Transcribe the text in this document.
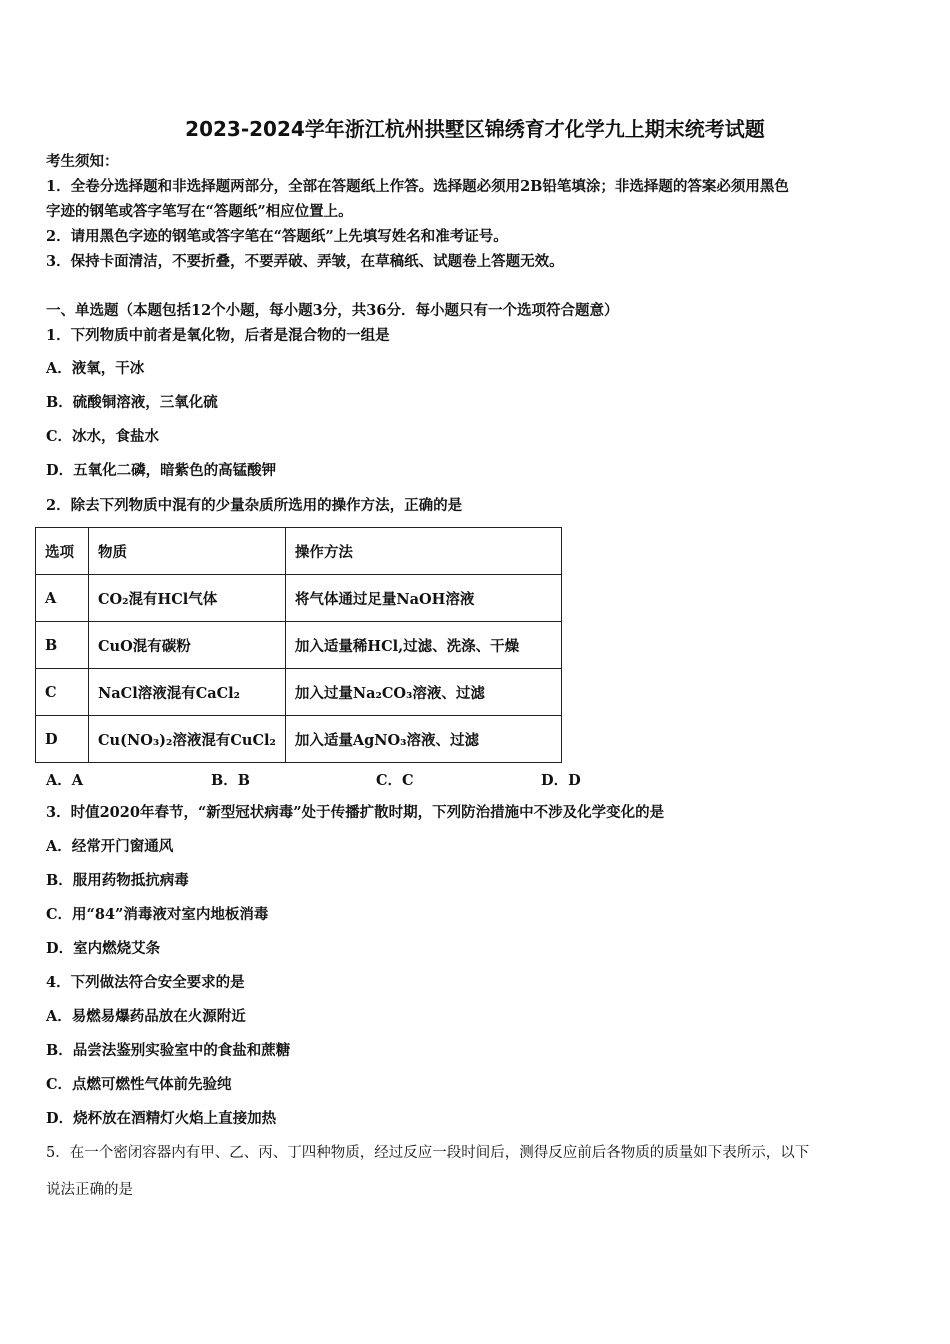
2023-2024学年浙江杭州拱墅区锦绣育才化学九上期末统考试题
考生须知：
1．全卷分选择题和非选择题两部分，全部在答题纸上作答。选择题必须用2B铅笔填涂；非选择题的答案必须用黑色
字迹的钢笔或答字笔写在“答题纸”相应位置上。
2．请用黑色字迹的钢笔或答字笔在“答题纸”上先填写姓名和准考证号。
3．保持卡面清洁，不要折叠，不要弄破、弄皱，在草稿纸、试题卷上答题无效。
一、单选题（本题包括12个小题，每小题3分，共36分．每小题只有一个选项符合题意）
1．下列物质中前者是氧化物，后者是混合物的一组是
A．液氧，干冰
B．硫酸铜溶液，三氧化硫
C．冰水，食盐水
D．五氧化二磷，暗紫色的高锰酸钾
2．除去下列物质中混有的少量杂质所选用的操作方法，正确的是
选项	物质	操作方法
A	CO₂混有HCl气体	将气体通过足量NaOH溶液
B	CuO混有碳粉	加入适量稀HCl,过滤、洗涤、干燥
C	NaCl溶液混有CaCl₂	加入过量Na₂CO₃溶液、过滤
D	Cu(NO₃)₂溶液混有CuCl₂	加入适量AgNO₃溶液、过滤
A．A	B．B	C．C	D．D
3．时值2020年春节，“新型冠状病毒”处于传播扩散时期，下列防治措施中不涉及化学变化的是
A．经常开门窗通风
B．服用药物抵抗病毒
C．用“84”消毒液对室内地板消毒
D．室内燃烧艾条
4．下列做法符合安全要求的是
A．易燃易爆药品放在火源附近
B．品尝法鉴别实验室中的食盐和蔗糖
C．点燃可燃性气体前先验纯
D．烧杯放在酒精灯火焰上直接加热
5．在一个密闭容器内有甲、乙、丙、丁四种物质，经过反应一段时间后，测得反应前后各物质的质量如下表所示，以下
说法正确的是
